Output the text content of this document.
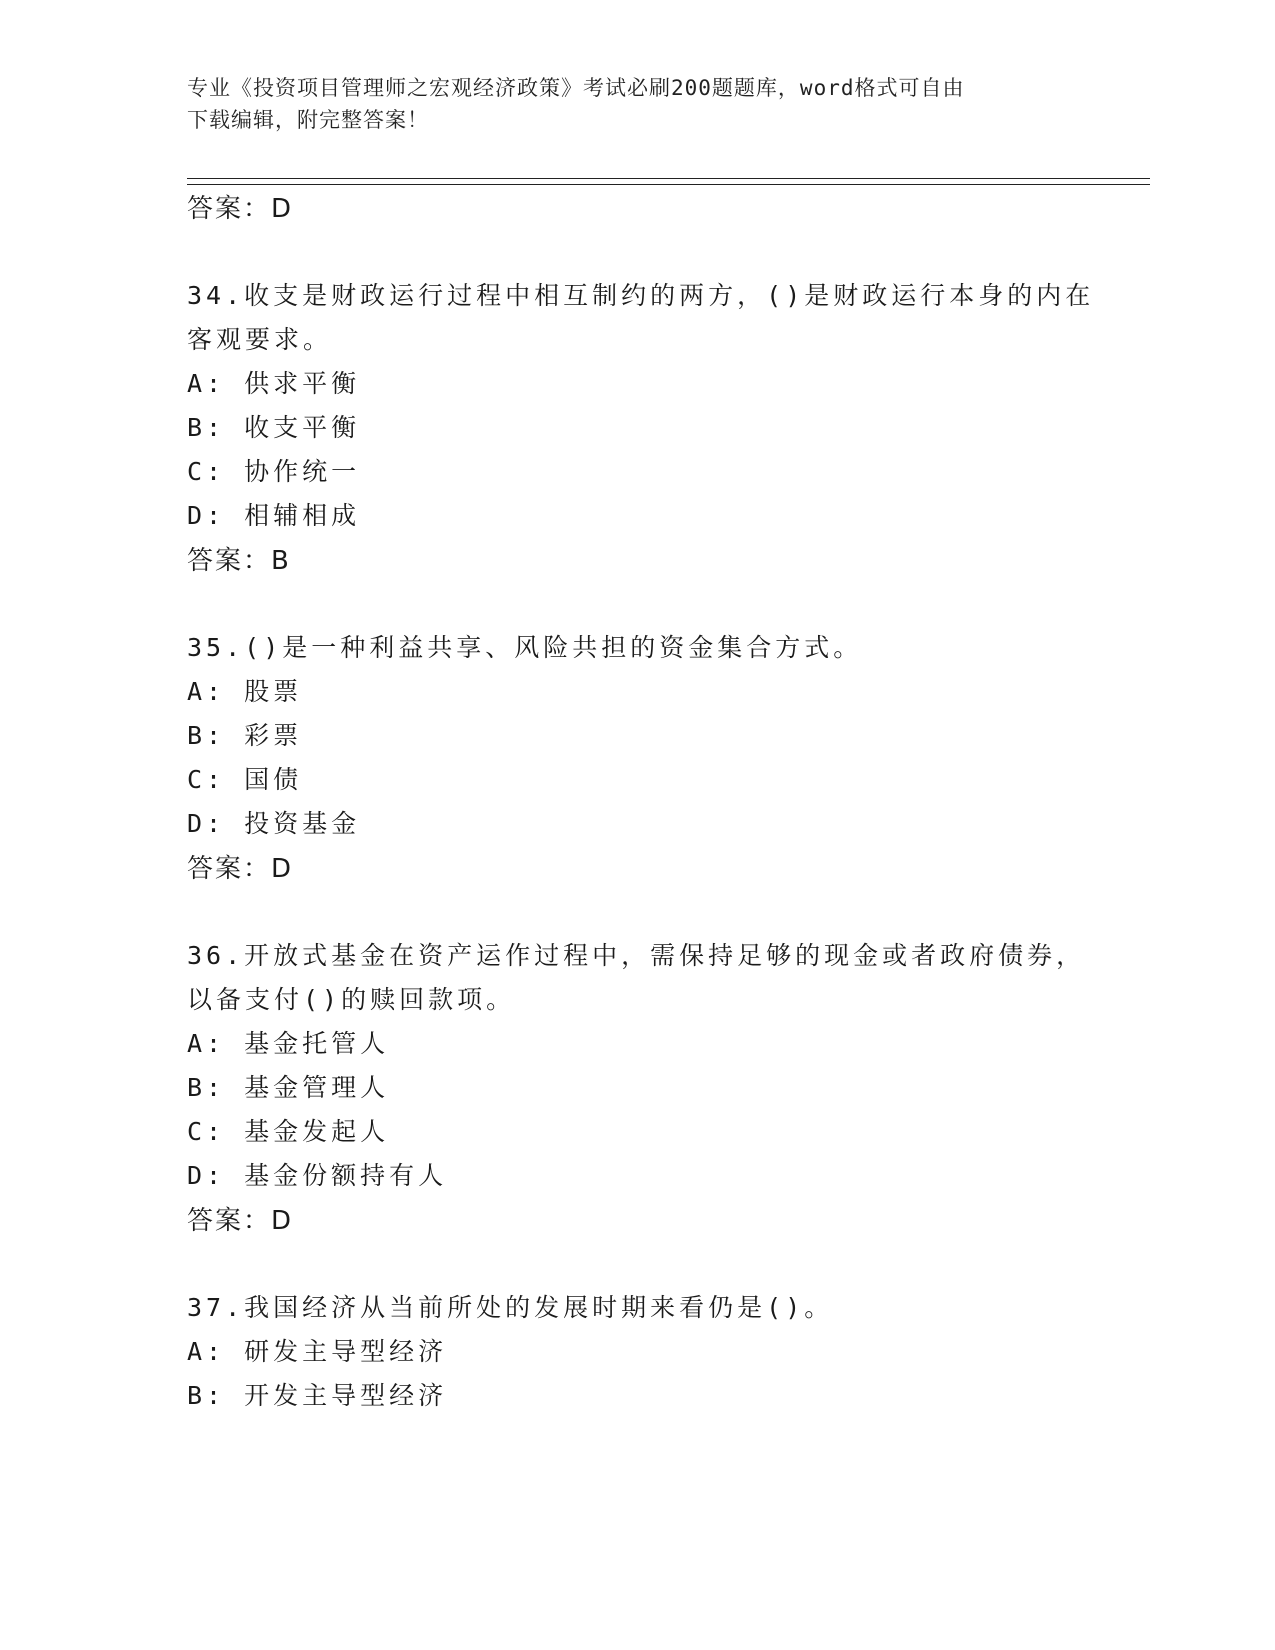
专业《投资项目管理师之宏观经济政策》考试必刷200题题库，word格式可自由
下载编辑，附完整答案！
答案：D
34.收支是财政运行过程中相互制约的两方，()是财政运行本身的内在
客观要求。
A: 供求平衡
B: 收支平衡
C: 协作统一
D: 相辅相成
答案：B
35.()是一种利益共享、风险共担的资金集合方式。
A: 股票
B: 彩票
C: 国债
D: 投资基金
答案：D
36.开放式基金在资产运作过程中，需保持足够的现金或者政府债券，
以备支付()的赎回款项。
A: 基金托管人
B: 基金管理人
C: 基金发起人
D: 基金份额持有人
答案：D
37.我国经济从当前所处的发展时期来看仍是()。
A: 研发主导型经济
B: 开发主导型经济
